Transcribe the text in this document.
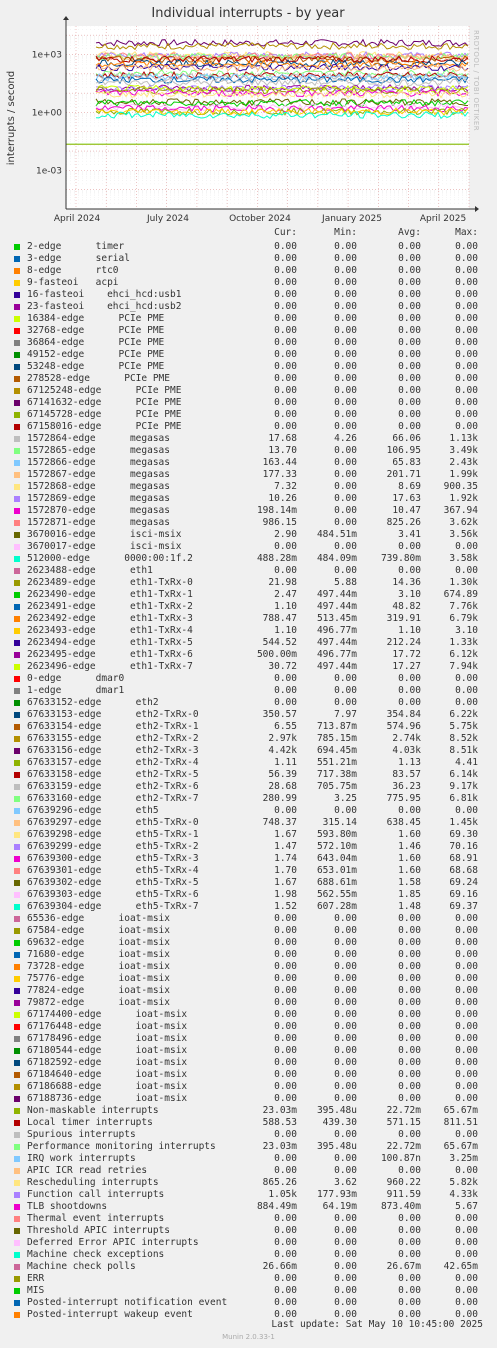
1e+03
1e+00
1e-03
April 2024	July 2024	October 2024	January 2025	April 2025
Individual interrupts - by year
interrupts / second	RRDTOOL / TOBI OETIKER
Cur:	Min:	Avg:	Max:
2-edge      timer	0.00	0.00	0.00	0.00
3-edge      serial	0.00	0.00	0.00	0.00
8-edge      rtc0	0.00	0.00	0.00	0.00
9-fasteoi   acpi	0.00	0.00	0.00	0.00
16-fasteoi    ehci_hcd:usb1	0.00	0.00	0.00	0.00
23-fasteoi    ehci_hcd:usb2	0.00	0.00	0.00	0.00
16384-edge      PCIe PME	0.00	0.00	0.00	0.00
32768-edge      PCIe PME	0.00	0.00	0.00	0.00
36864-edge      PCIe PME	0.00	0.00	0.00	0.00
49152-edge      PCIe PME	0.00	0.00	0.00	0.00
53248-edge      PCIe PME	0.00	0.00	0.00	0.00
278528-edge      PCIe PME	0.00	0.00	0.00	0.00
67125248-edge      PCIe PME	0.00	0.00	0.00	0.00
67141632-edge      PCIe PME	0.00	0.00	0.00	0.00
67145728-edge      PCIe PME	0.00	0.00	0.00	0.00
67158016-edge      PCIe PME	0.00	0.00	0.00	0.00
1572864-edge      megasas	17.68	4.26	66.06	1.13k
1572865-edge      megasas	13.70	0.00	106.95	3.49k
1572866-edge      megasas	163.44	0.00	65.83	2.43k
1572867-edge      megasas	177.33	0.00	201.71	1.99k
1572868-edge      megasas	7.32	0.00	8.69	900.35
1572869-edge      megasas	10.26	0.00	17.63	1.92k
1572870-edge      megasas	198.14m	0.00	10.47	367.94
1572871-edge      megasas	986.15	0.00	825.26	3.62k
3670016-edge      isci-msix	2.90	484.51m	3.41	3.56k
3670017-edge      isci-msix	0.00	0.00	0.00	0.00
512000-edge      0000:00:1f.2	488.28m	484.09m	739.80m	3.58k
2623488-edge      eth1	0.00	0.00	0.00	0.00
2623489-edge      eth1-TxRx-0	21.98	5.88	14.36	1.30k
2623490-edge      eth1-TxRx-1	2.47	497.44m	3.10	674.89
2623491-edge      eth1-TxRx-2	1.10	497.44m	48.82	7.76k
2623492-edge      eth1-TxRx-3	788.47	513.45m	319.91	6.79k
2623493-edge      eth1-TxRx-4	1.10	496.77m	1.10	3.10
2623494-edge      eth1-TxRx-5	544.52	497.44m	212.24	1.33k
2623495-edge      eth1-TxRx-6	500.00m	496.77m	17.72	6.12k
2623496-edge      eth1-TxRx-7	30.72	497.44m	17.27	7.94k
0-edge      dmar0	0.00	0.00	0.00	0.00
1-edge      dmar1	0.00	0.00	0.00	0.00
67633152-edge      eth2	0.00	0.00	0.00	0.00
67633153-edge      eth2-TxRx-0	350.57	7.97	354.84	6.22k
67633154-edge      eth2-TxRx-1	6.55	713.87m	574.96	5.75k
67633155-edge      eth2-TxRx-2	2.97k	785.15m	2.74k	8.52k
67633156-edge      eth2-TxRx-3	4.42k	694.45m	4.03k	8.51k
67633157-edge      eth2-TxRx-4	1.11	551.21m	1.13	4.41
67633158-edge      eth2-TxRx-5	56.39	717.38m	83.57	6.14k
67633159-edge      eth2-TxRx-6	28.68	705.75m	36.23	9.17k
67633160-edge      eth2-TxRx-7	280.99	3.25	775.95	6.81k
67639296-edge      eth5	0.00	0.00	0.00	0.00
67639297-edge      eth5-TxRx-0	748.37	315.14	638.45	1.45k
67639298-edge      eth5-TxRx-1	1.67	593.80m	1.60	69.30
67639299-edge      eth5-TxRx-2	1.47	572.10m	1.46	70.16
67639300-edge      eth5-TxRx-3	1.74	643.04m	1.60	68.91
67639301-edge      eth5-TxRx-4	1.70	653.01m	1.60	68.68
67639302-edge      eth5-TxRx-5	1.67	688.61m	1.58	69.24
67639303-edge      eth5-TxRx-6	1.98	562.55m	1.85	69.16
67639304-edge      eth5-TxRx-7	1.52	607.28m	1.48	69.37
65536-edge      ioat-msix	0.00	0.00	0.00	0.00
67584-edge      ioat-msix	0.00	0.00	0.00	0.00
69632-edge      ioat-msix	0.00	0.00	0.00	0.00
71680-edge      ioat-msix	0.00	0.00	0.00	0.00
73728-edge      ioat-msix	0.00	0.00	0.00	0.00
75776-edge      ioat-msix	0.00	0.00	0.00	0.00
77824-edge      ioat-msix	0.00	0.00	0.00	0.00
79872-edge      ioat-msix	0.00	0.00	0.00	0.00
67174400-edge      ioat-msix	0.00	0.00	0.00	0.00
67176448-edge      ioat-msix	0.00	0.00	0.00	0.00
67178496-edge      ioat-msix	0.00	0.00	0.00	0.00
67180544-edge      ioat-msix	0.00	0.00	0.00	0.00
67182592-edge      ioat-msix	0.00	0.00	0.00	0.00
67184640-edge      ioat-msix	0.00	0.00	0.00	0.00
67186688-edge      ioat-msix	0.00	0.00	0.00	0.00
67188736-edge      ioat-msix	0.00	0.00	0.00	0.00
Non-maskable interrupts	23.03m	395.48u	22.72m	65.67m
Local timer interrupts	588.53	439.30	571.15	811.51
Spurious interrupts	0.00	0.00	0.00	0.00
Performance monitoring interrupts	23.03m	395.48u	22.72m	65.67m
IRQ work interrupts	0.00	0.00	100.87n	3.25m
APIC ICR read retries	0.00	0.00	0.00	0.00
Rescheduling interrupts	865.26	3.62	960.22	5.82k
Function call interrupts	1.05k	177.93m	911.59	4.33k
TLB shootdowns	884.49m	64.19m	873.40m	5.67
Thermal event interrupts	0.00	0.00	0.00	0.00
Threshold APIC interrupts	0.00	0.00	0.00	0.00
Deferred Error APIC interrupts	0.00	0.00	0.00	0.00
Machine check exceptions	0.00	0.00	0.00	0.00
Machine check polls	26.66m	0.00	26.67m	42.65m
ERR	0.00	0.00	0.00	0.00
MIS	0.00	0.00	0.00	0.00
Posted-interrupt notification event	0.00	0.00	0.00	0.00
Posted-interrupt wakeup event	0.00	0.00	0.00	0.00
Last update: Sat May 10 10:45:00 2025
Munin 2.0.33-1
